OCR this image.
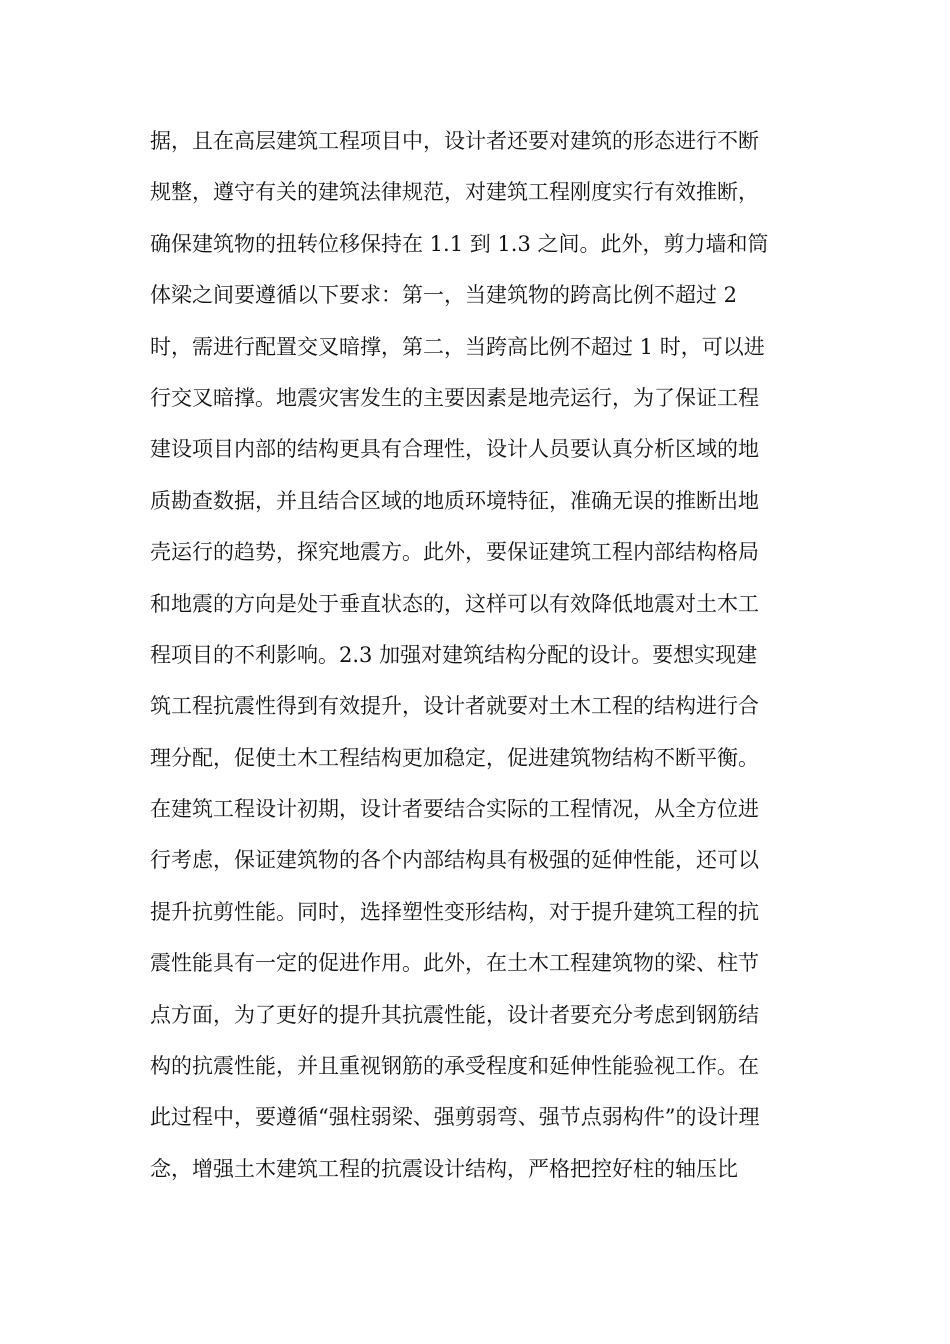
据，且在高层建筑工程项目中，设计者还要对建筑的形态进行不断
规整，遵守有关的建筑法律规范，对建筑工程刚度实行有效推断，
确保建筑物的扭转位移保持在 1.1 到 1.3 之间。此外，剪力墙和筒
体梁之间要遵循以下要求：第一，当建筑物的跨高比例不超过 2
时，需进行配置交叉暗撑，第二，当跨高比例不超过 1 时，可以进
行交叉暗撑。地震灾害发生的主要因素是地壳运行，为了保证工程
建设项目内部的结构更具有合理性，设计人员要认真分析区域的地
质勘查数据，并且结合区域的地质环境特征，准确无误的推断出地
壳运行的趋势，探究地震方。此外，要保证建筑工程内部结构格局
和地震的方向是处于垂直状态的，这样可以有效降低地震对土木工
程项目的不利影响。2.3 加强对建筑结构分配的设计。要想实现建
筑工程抗震性得到有效提升，设计者就要对土木工程的结构进行合
理分配，促使土木工程结构更加稳定，促进建筑物结构不断平衡。
在建筑工程设计初期，设计者要结合实际的工程情况，从全方位进
行考虑，保证建筑物的各个内部结构具有极强的延伸性能，还可以
提升抗剪性能。同时，选择塑性变形结构，对于提升建筑工程的抗
震性能具有一定的促进作用。此外，在土木工程建筑物的梁、柱节
点方面，为了更好的提升其抗震性能，设计者要充分考虑到钢筋结
构的抗震性能，并且重视钢筋的承受程度和延伸性能验视工作。在
此过程中，要遵循“强柱弱梁、强剪弱弯、强节点弱构件”的设计理
念，增强土木建筑工程的抗震设计结构，严格把控好柱的轴压比
